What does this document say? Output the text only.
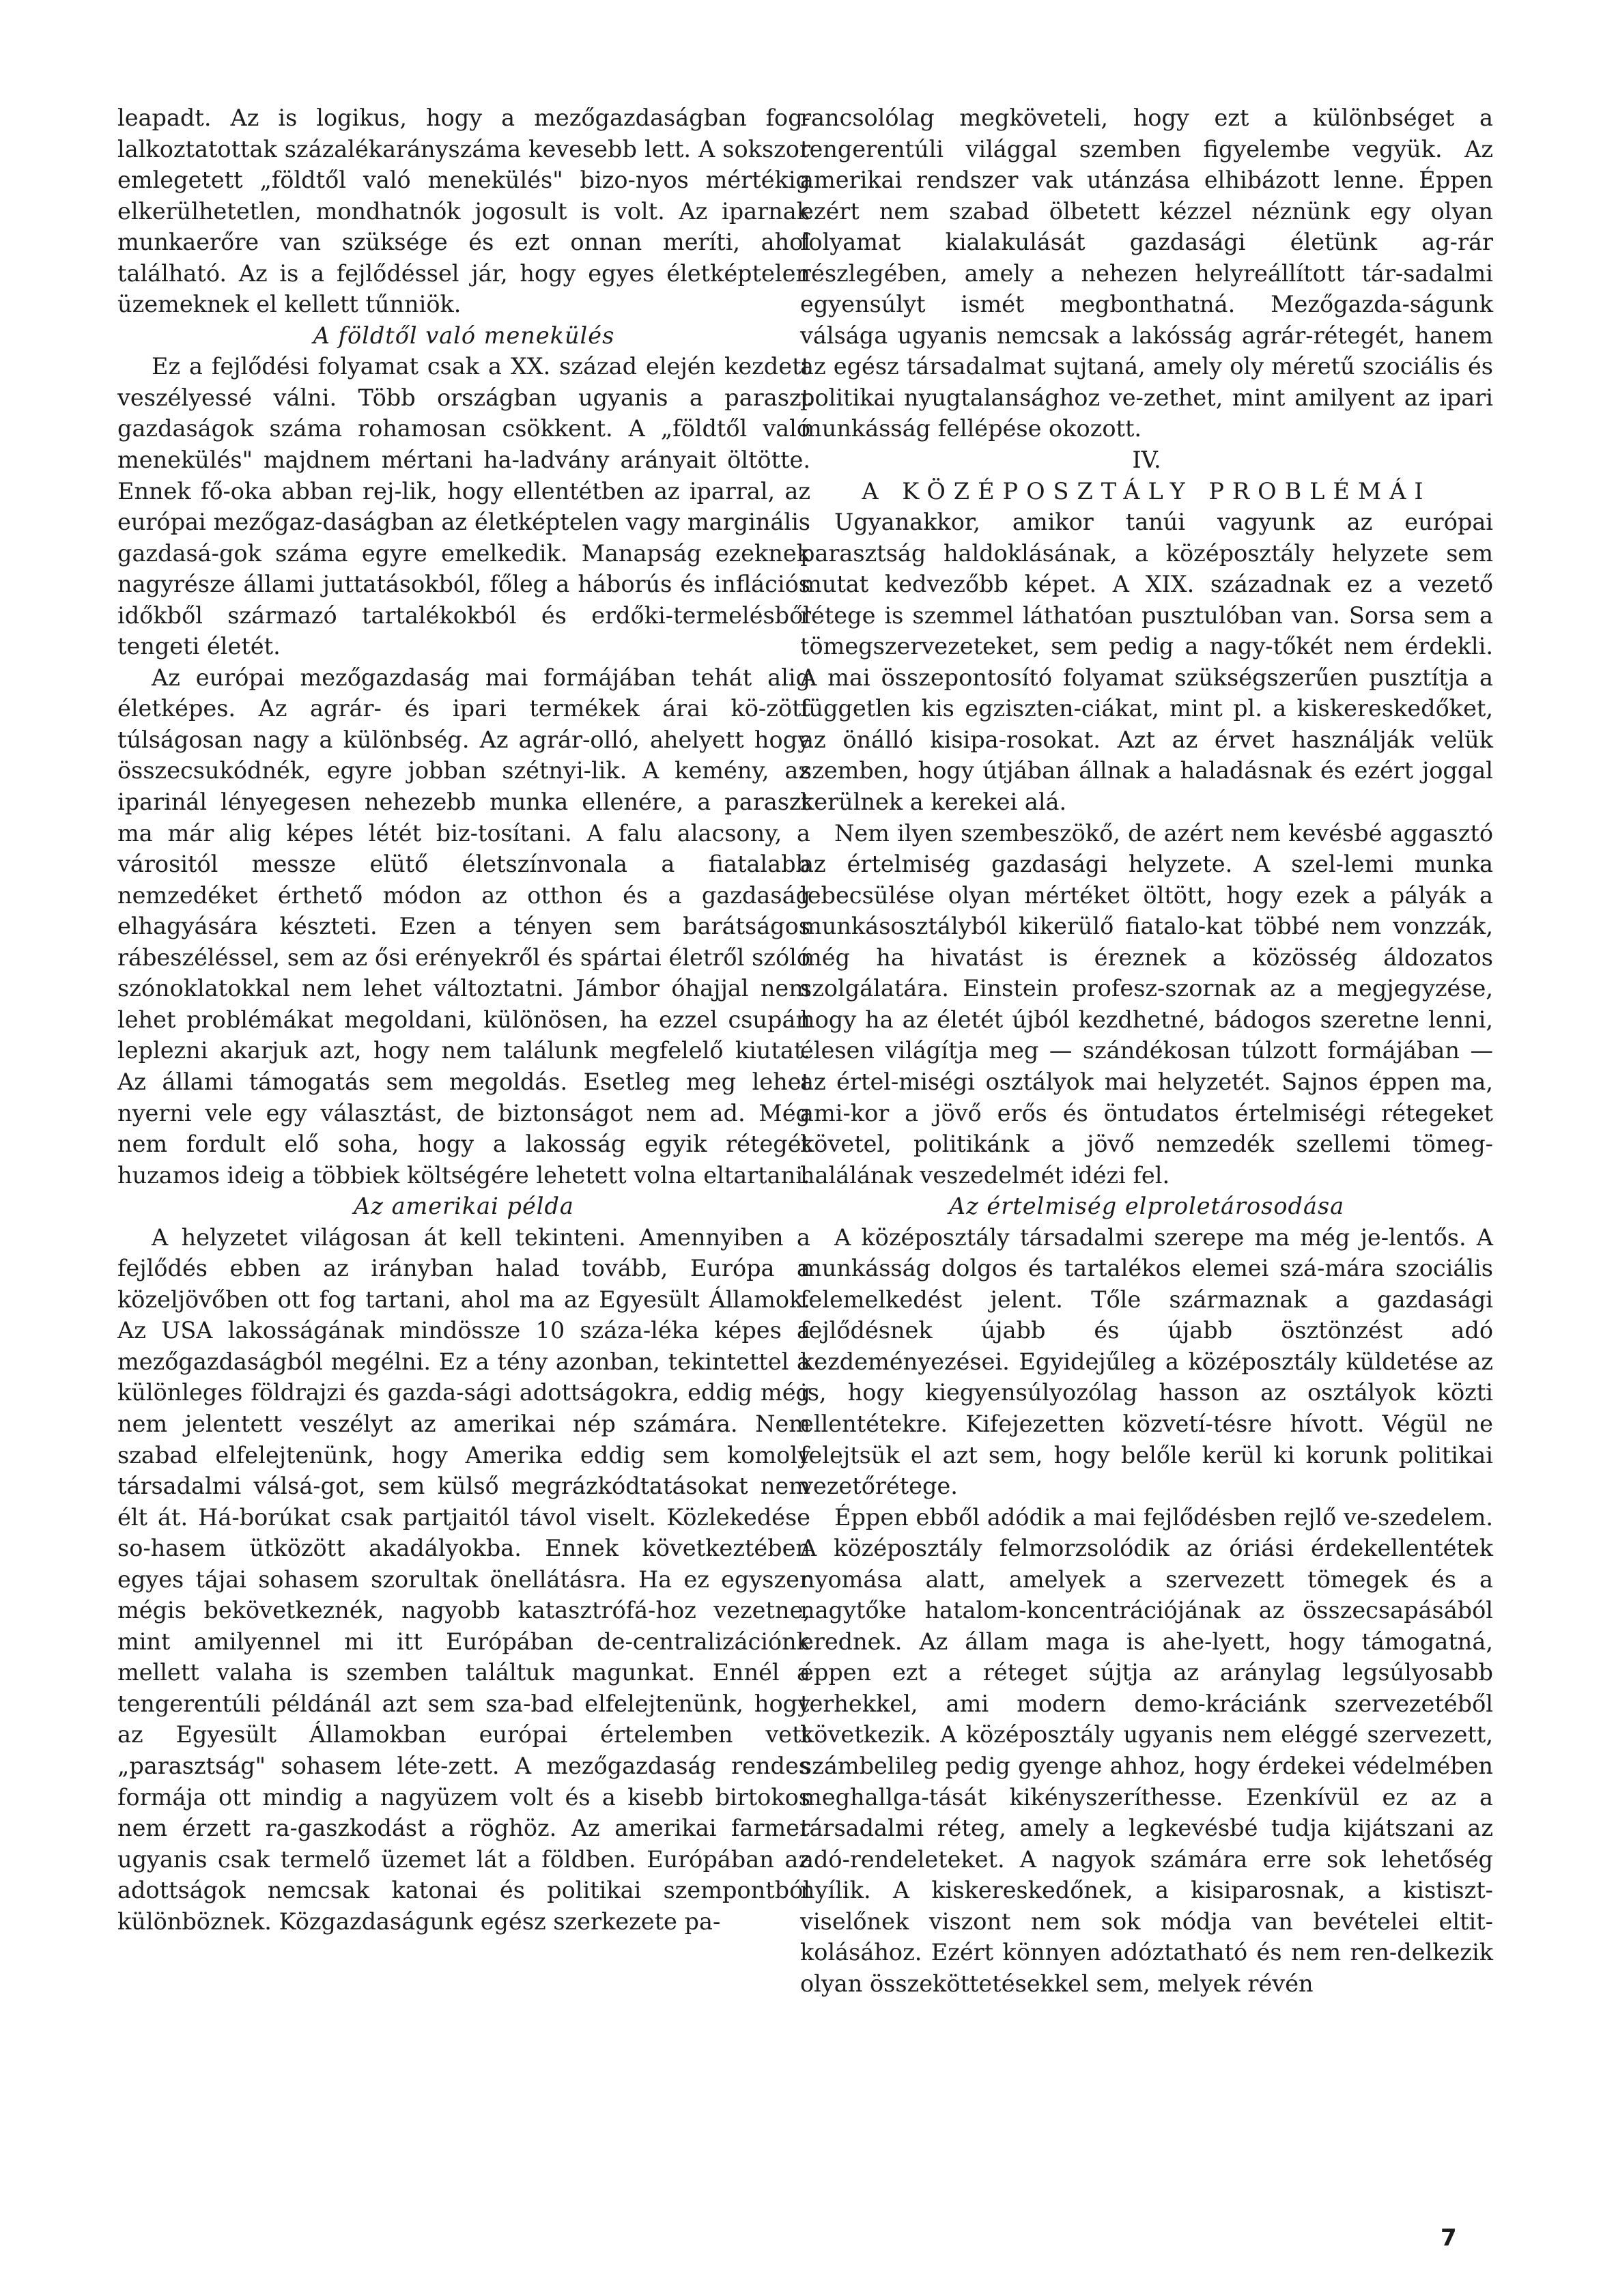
leapadt. Az is logikus, hogy a mezőgazdaságban fog-lalkoztatottak százalékarányszáma kevesebb lett. A sokszor emlegetett „földtől való menekülés" bizo-nyos mértékig elkerülhetetlen, mondhatnók jogosult is volt. Az iparnak munkaerőre van szüksége és ezt onnan meríti, ahol található. Az is a fejlődéssel jár, hogy egyes életképtelen üzemeknek el kellett tűnniök.

A földtől való menekülés

Ez a fejlődési folyamat csak a XX. század elején kezdett veszélyessé válni. Több országban ugyanis a paraszt gazdaságok száma rohamosan csökkent. A „földtől való menekülés" majdnem mértani ha-ladvány arányait öltötte. Ennek fő-oka abban rej-lik, hogy ellentétben az iparral, az európai mezőgaz-daságban az életképtelen vagy marginális gazdasá-gok száma egyre emelkedik. Manapság ezeknek nagyrésze állami juttatásokból, főleg a háborús és inflációs időkből származó tartalékokból és erdőki-termelésből tengeti életét.

Az európai mezőgazdaság mai formájában tehát alig életképes. Az agrár- és ipari termékek árai kö-zött túlságosan nagy a különbség. Az agrár-olló, ahelyett hogy összecsukódnék, egyre jobban szétnyi-lik. A kemény, az iparinál lényegesen nehezebb munka ellenére, a paraszt ma már alig képes létét biz-tosítani. A falu alacsony, a várositól messze elütő életszínvonala a fiatalabb nemzedéket érthető módon az otthon és a gazdaság elhagyására készteti. Ezen a tényen sem barátságos rábeszéléssel, sem az ősi erényekről és spártai életről szóló szónoklatokkal nem lehet változtatni. Jámbor óhajjal nem lehet problémákat megoldani, különösen, ha ezzel csupán leplezni akarjuk azt, hogy nem találunk megfelelő kiutat. Az állami támogatás sem megoldás. Esetleg meg lehet nyerni vele egy választást, de biztonságot nem ad. Még nem fordult elő soha, hogy a lakosság egyik rétegét huzamos ideig a többiek költségére lehetett volna eltartani.

Az amerikai példa

A helyzetet világosan át kell tekinteni. Amennyiben a fejlődés ebben az irányban halad tovább, Európa a közeljövőben ott fog tartani, ahol ma az Egyesült Államok. Az USA lakosságának mindössze 10 száza-léka képes a mezőgazdaságból megélni. Ez a tény azonban, tekintettel a különleges földrajzi és gazda-sági adottságokra, eddig még nem jelentett veszélyt az amerikai nép számára. Nem szabad elfelejtenünk, hogy Amerika eddig sem komoly társadalmi válsá-got, sem külső megrázkódtatásokat nem élt át. Há-borúkat csak partjaitól távol viselt. Közlekedése so-hasem ütközött akadályokba. Ennek következtében egyes tájai sohasem szorultak önellátásra. Ha ez egyszer mégis bekövetkeznék, nagyobb katasztrófá-hoz vezetne, mint amilyennel mi itt Európában de-centralizációnk mellett valaha is szemben találtuk magunkat. Ennél a tengerentúli példánál azt sem sza-bad elfelejtenünk, hogy az Egyesült Államokban európai értelemben vett „parasztság" sohasem léte-zett. A mezőgazdaság rendes formája ott mindig a nagyüzem volt és a kisebb birtokos nem érzett ra-gaszkodást a röghöz. Az amerikai farmer ugyanis csak termelő üzemet lát a földben. Európában az adottságok nemcsak katonai és politikai szempontból különböznek. Közgazdaságunk egész szerkezete pa-

rancsolólag megköveteli, hogy ezt a különbséget a tengerentúli világgal szemben figyelembe vegyük. Az amerikai rendszer vak utánzása elhibázott lenne. Éppen ezért nem szabad ölbetett kézzel néznünk egy olyan folyamat kialakulását gazdasági életünk ag-rár részlegében, amely a nehezen helyreállított tár-sadalmi egyensúlyt ismét megbonthatná. Mezőgazda-ságunk válsága ugyanis nemcsak a lakósság agrár-rétegét, hanem az egész társadalmat sujtaná, amely oly méretű szociális és politikai nyugtalansághoz ve-zethet, mint amilyent az ipari munkásság fellépése okozott.

IV.

A KÖZÉPOSZTÁLY PROBLÉMÁI

Ugyanakkor, amikor tanúi vagyunk az európai parasztság haldoklásának, a középosztály helyzete sem mutat kedvezőbb képet. A XIX. századnak ez a vezető rétege is szemmel láthatóan pusztulóban van. Sorsa sem a tömegszervezeteket, sem pedig a nagy-tőkét nem érdekli. A mai összepontosító folyamat szükségszerűen pusztítja a független kis egziszten-ciákat, mint pl. a kiskereskedőket, az önálló kisipa-rosokat. Azt az érvet használják velük szemben, hogy útjában állnak a haladásnak és ezért joggal kerülnek a kerekei alá.

Nem ilyen szembeszökő, de azért nem kevésbé aggasztó az értelmiség gazdasági helyzete. A szel-lemi munka lebecsülése olyan mértéket öltött, hogy ezek a pályák a munkásosztályból kikerülő fiatalo-kat többé nem vonzzák, még ha hivatást is éreznek a közösség áldozatos szolgálatára. Einstein profesz-szornak az a megjegyzése, hogy ha az életét újból kezdhetné, bádogos szeretne lenni, élesen világítja meg — szándékosan túlzott formájában — az értel-miségi osztályok mai helyzetét. Sajnos éppen ma, ami-kor a jövő erős és öntudatos értelmiségi rétegeket követel, politikánk a jövő nemzedék szellemi tömeg-halálának veszedelmét idézi fel.

Az értelmiség elproletárosodása

A középosztály társadalmi szerepe ma még je-lentős. A munkásság dolgos és tartalékos elemei szá-mára szociális felemelkedést jelent. Tőle származnak a gazdasági fejlődésnek újabb és újabb ösztönzést adó kezdeményezései. Egyidejűleg a középosztály küldetése az is, hogy kiegyensúlyozólag hasson az osztályok közti ellentétekre. Kifejezetten közvetí-tésre hívott. Végül ne felejtsük el azt sem, hogy belőle kerül ki korunk politikai vezetőrétege.

Éppen ebből adódik a mai fejlődésben rejlő ve-szedelem. A középosztály felmorzsolódik az óriási érdekellentétek nyomása alatt, amelyek a szervezett tömegek és a nagytőke hatalom-koncentrációjának az összecsapásából erednek. Az állam maga is ahe-lyett, hogy támogatná, éppen ezt a réteget sújtja az aránylag legsúlyosabb terhekkel, ami modern demo-kráciánk szervezetéből következik. A középosztály ugyanis nem eléggé szervezett, számbelileg pedig gyenge ahhoz, hogy érdekei védelmében meghallga-tását kikényszeríthesse. Ezenkívül ez az a társadalmi réteg, amely a legkevésbé tudja kijátszani az adó-rendeleteket. A nagyok számára erre sok lehetőség nyílik. A kiskereskedőnek, a kisiparosnak, a kistiszt-viselőnek viszont nem sok módja van bevételei eltit-kolásához. Ezért könnyen adóztatható és nem ren-delkezik olyan összeköttetésekkel sem, melyek révén

7
